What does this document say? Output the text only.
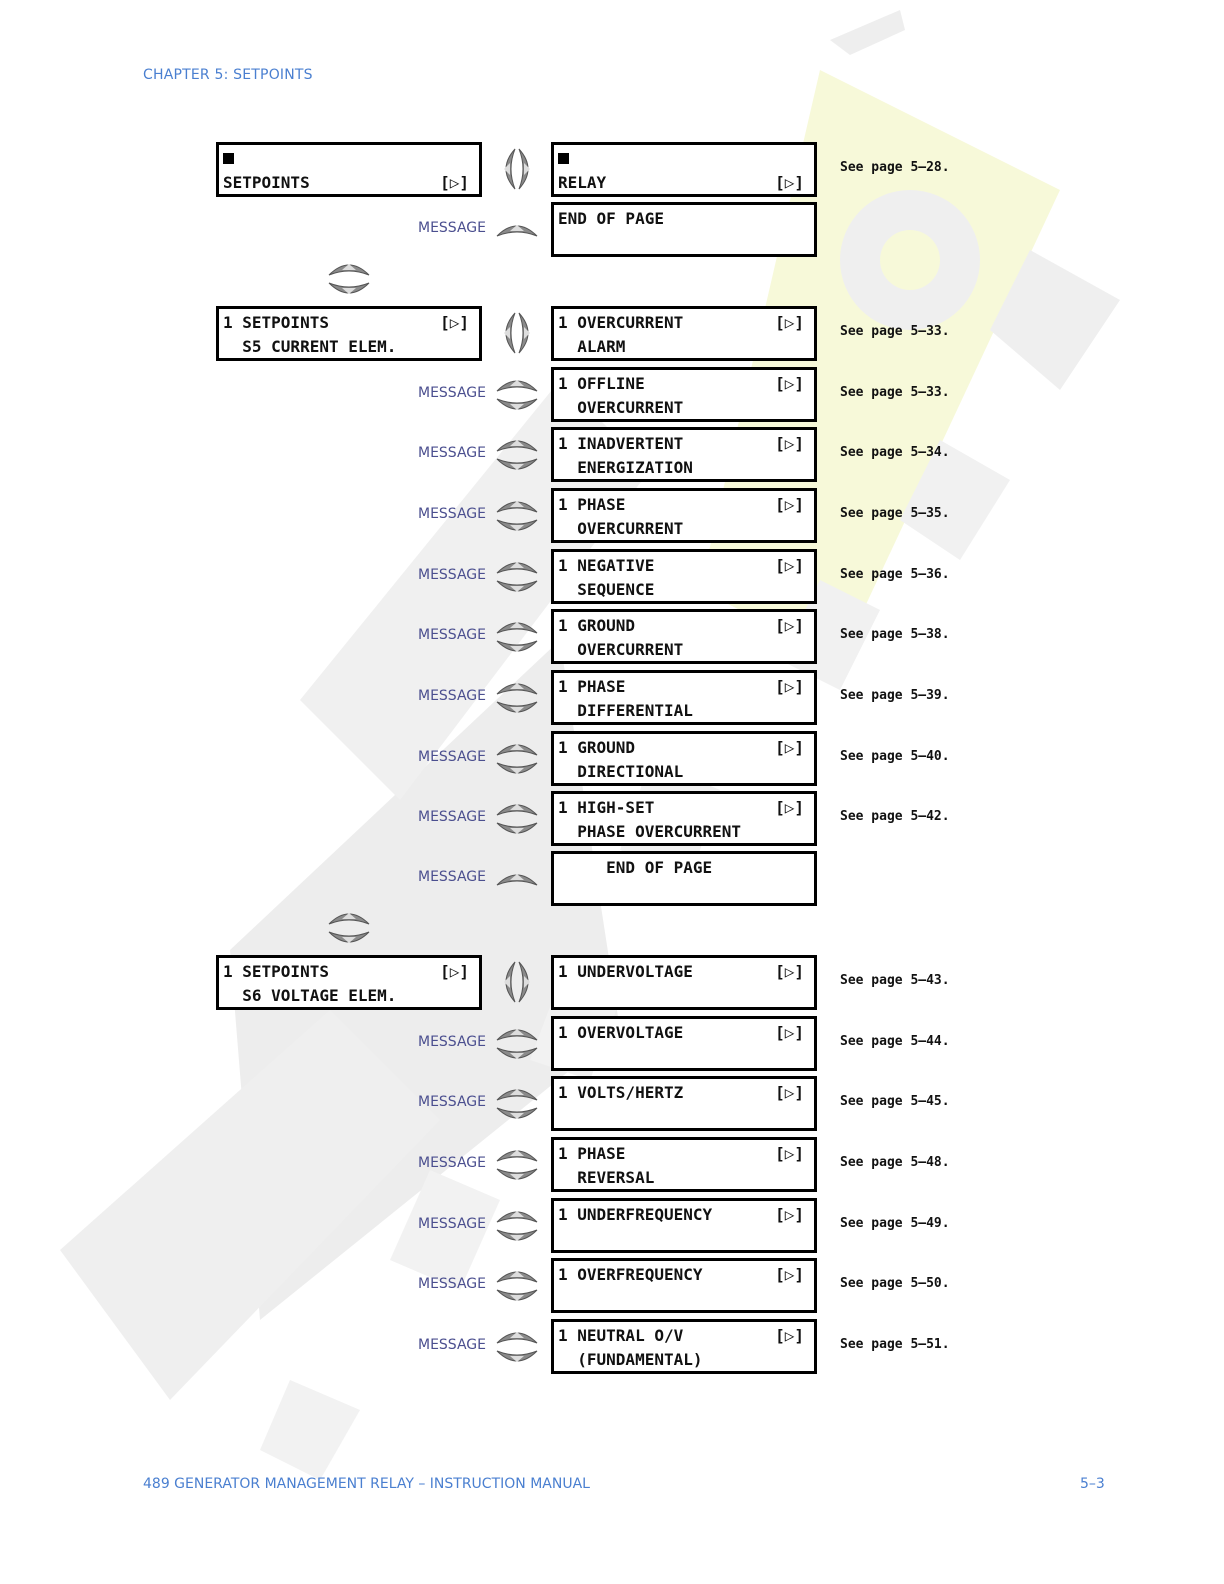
CHAPTER 5: SETPOINTS
SETPOINTS	[▷]
1 SETPOINTS
S5 CURRENT ELEM.
[▷]
1 SETPOINTS
S6 VOLTAGE ELEM.
[▷]
RELAY	[▷]
See page 5–28.
END OF PAGE
MESSAGE
1 OVERCURRENT
ALARM
[▷]	See page 5–33.
1 OFFLINE
OVERCURRENT
[▷]	See page 5–33.
MESSAGE
1 INADVERTENT
ENERGIZATION
[▷]	See page 5–34.
MESSAGE
1 PHASE
OVERCURRENT
[▷]	See page 5–35.
MESSAGE
1 NEGATIVE
SEQUENCE
[▷]	See page 5–36.
MESSAGE
1 GROUND
OVERCURRENT
[▷]	See page 5–38.
MESSAGE
1 PHASE
DIFFERENTIAL
[▷]	See page 5–39.
MESSAGE
1 GROUND
DIRECTIONAL
[▷]	See page 5–40.
MESSAGE
1 HIGH-SET
PHASE OVERCURRENT
[▷]	See page 5–42.
MESSAGE
END OF PAGE
MESSAGE
1 UNDERVOLTAGE	[▷]	See page 5–43.
1 OVERVOLTAGE	[▷]	See page 5–44.
MESSAGE
1 VOLTS/HERTZ	[▷]	See page 5–45.
MESSAGE
1 PHASE
REVERSAL
[▷]	See page 5–48.
MESSAGE
1 UNDERFREQUENCY	[▷]	See page 5–49.
MESSAGE
1 OVERFREQUENCY	[▷]	See page 5–50.
MESSAGE
1 NEUTRAL O/V
(FUNDAMENTAL)
[▷]	See page 5–51.
MESSAGE
489 GENERATOR MANAGEMENT RELAY – INSTRUCTION MANUAL	5–3
